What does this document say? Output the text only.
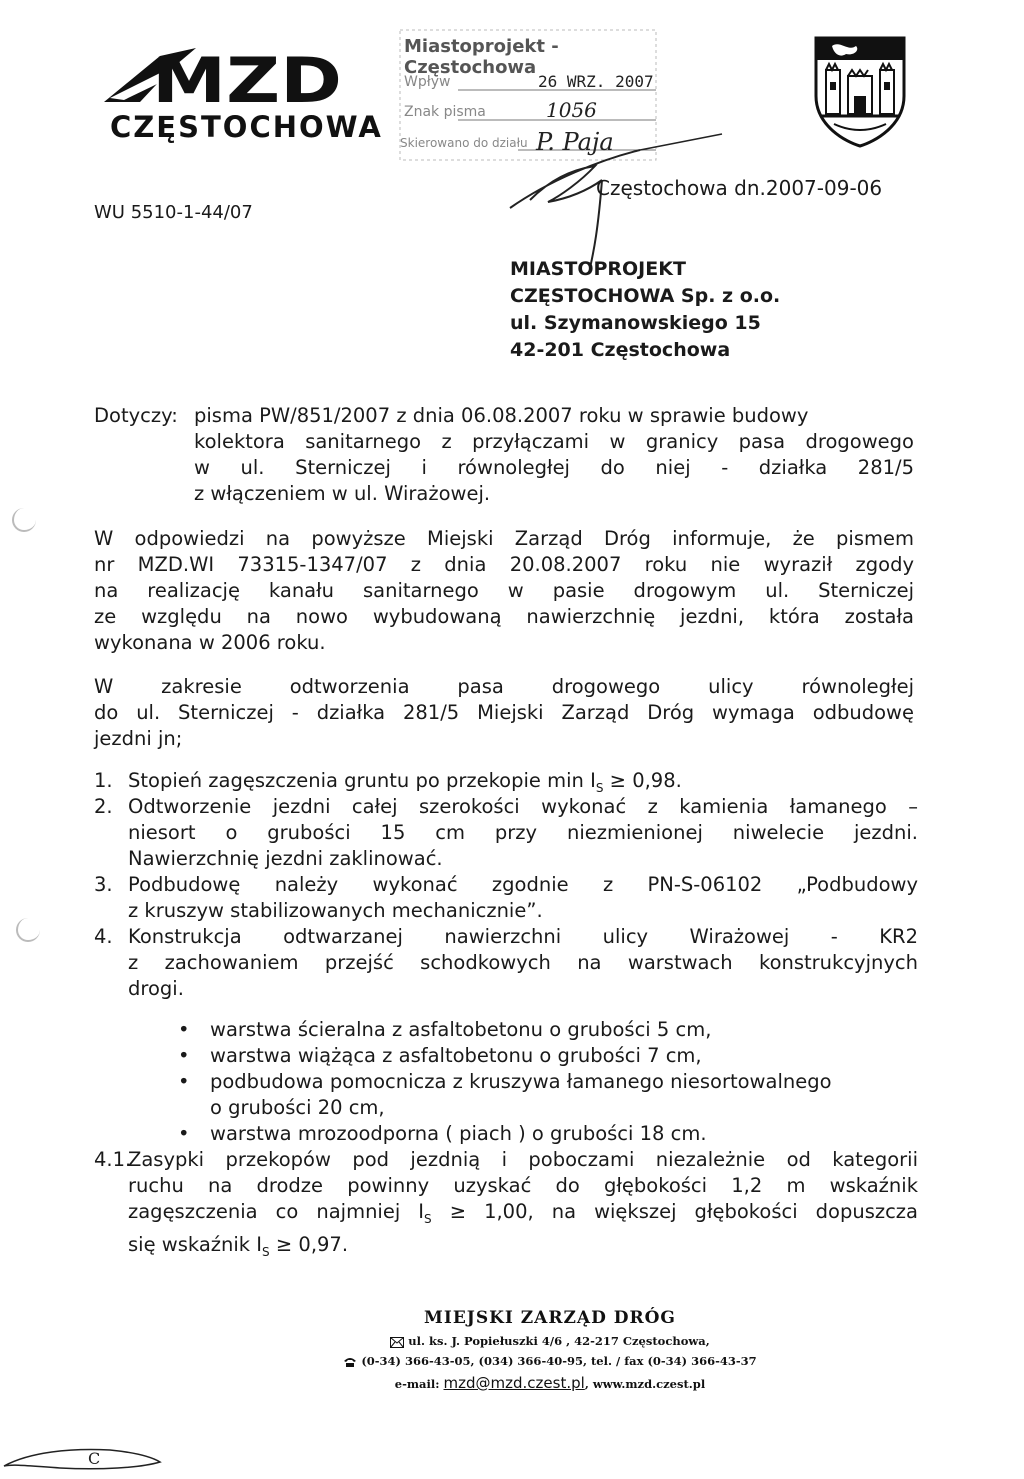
MZD
CZĘSTOCHOWA
Miastoprojekt - Częstochowa
Wpływ	26 WRZ. 2007
Znak pisma	1056
Skierowano do działu P. Paja
WU 5510-1-44/07
Częstochowa dn.2007-09-06
MIASTOPROJEKT
CZĘSTOCHOWA Sp. z o.o.
ul. Szymanowskiego 15
42-201 Częstochowa
Dotyczy: pisma PW/851/2007 z dnia 06.08.2007 roku w sprawie budowy
kolektora sanitarnego z przyłączami w granicy pasa drogowego
w ul. Sterniczej i równoległej do niej - działka 281/5
z włączeniem w ul. Wirażowej.
W odpowiedzi na powyższe Miejski Zarząd Dróg informuje, że pismem
nr MZD.WI 73315-1347/07 z dnia 20.08.2007 roku nie wyraził zgody
na realizację kanału sanitarnego w pasie drogowym ul. Sterniczej
ze względu na nowo wybudowaną nawierzchnię jezdni, która została
wykonana w 2006 roku.
W zakresie odtworzenia pasa drogowego ulicy równoległej
do ul. Sterniczej - działka 281/5 Miejski Zarząd Dróg wymaga odbudowę
jezdni jn;
1. Stopień zagęszczenia gruntu po przekopie $\min I_S \ge 0,98$.
2. Odtworzenie jezdni całej szerokości wykonać z kamienia łamanego –
niesort o grubości 15 cm przy niezmienionej niwelecie jezdni.
Nawierzchnię jezdni zaklinować.
3. Podbudowę należy wykonać zgodnie z PN-S-06102 „Podbudowy
z kruszyw stabilizowanych mechanicznie”.
4. Konstrukcja odtwarzanej nawierzchni ulicy Wirażowej - KR2
z zachowaniem przejść schodkowych na warstwach konstrukcyjnych
drogi.
• warstwa ścieralna z asfaltobetonu o grubości 5 cm,
• warstwa wiążąca z asfaltobetonu o grubości 7 cm,
• podbudowa pomocnicza z kruszywa łamanego niesortowalnego
o grubości 20 cm,
• warstwa mrozoodporna ( piach ) o grubości 18 cm.
4.1.
Zasypki przekopów pod jezdnią i poboczami niezależnie od kategorii
ruchu na drodze powinny uzyskać do głębokości 1,2 m wskaźnik
zagęszczenia co najmniej $I_S \ge 1,00$, na większej głębokości dopuszcza
się wskaźnik $I_S \ge 0,97$.
MIEJSKI ZARZĄD DRÓG
ul. ks. J. Popiełuszki 4/6 , 42-217 Częstochowa,
(0-34) 366-43-05, (034) 366-40-95, tel. / fax (0-34) 366-43-37
e-mail: mzd@mzd.czest.pl, www.mzd.czest.pl
C
